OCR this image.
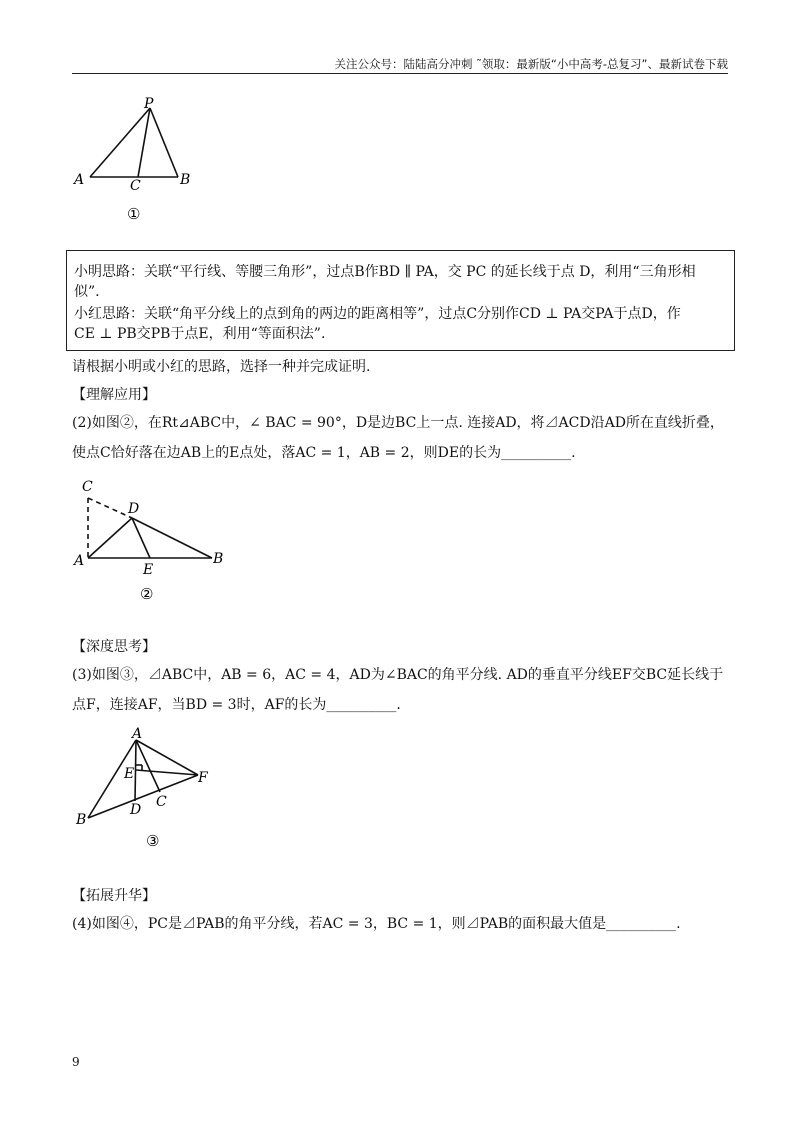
关注公众号：陆陆高分冲刺 ˜领取：最新版“小中高考-总复习”、最新试卷下载
P
A	B
C
①
小明思路：关联“平行线、等腰三角形”，过点B作BD ∥ PA，交 PC 的延长线于点 D，利用“三角形相
似”.
小红思路：关联“角平分线上的点到角的两边的距离相等”，过点C分别作CD ⊥ PA交PA于点D，作
CE ⊥ PB交PB于点E，利用“等面积法”.
请根据小明或小红的思路，选择一种并完成证明.
【理解应用】
(2)如图②，在Rt⊿ABC中，∠ BAC = 90°，D是边BC上一点. 连接AD，将⊿ACD沿AD所在直线折叠，
使点C恰好落在边AB上的E点处，落AC = 1，AB = 2，则DE的长为__________.
C
D
A
E
B
②
【深度思考】
(3)如图③，⊿ABC中，AB = 6，AC = 4，AD为∠BAC的角平分线. AD的垂直平分线EF交BC延长线于
点F，连接AF，当BD = 3时，AF的长为__________.
A
E	F
D C
B
③
【拓展升华】
(4)如图④，PC是⊿PAB的角平分线，若AC = 3，BC = 1，则⊿PAB的面积最大值是__________.
9
